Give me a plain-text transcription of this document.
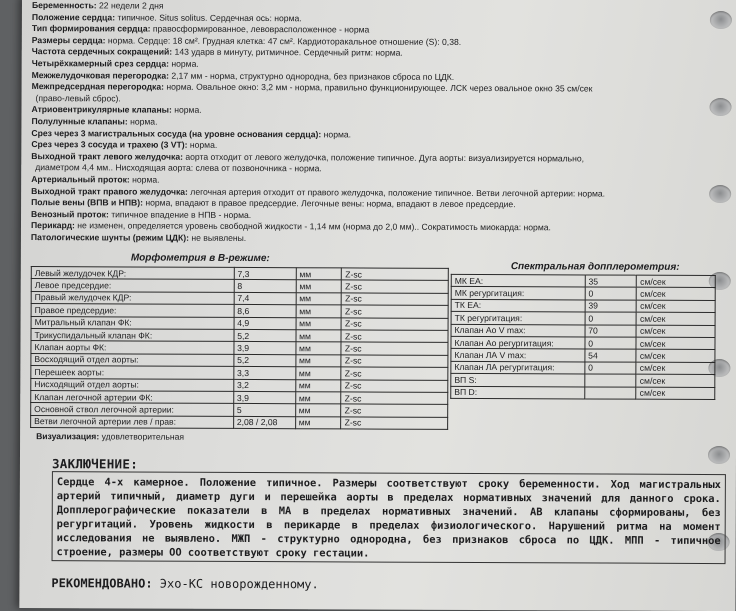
Беременность: 22 недели 2 дня
Положение сердца: типичное. Situs solitus. Сердечная ось: норма.
Тип формирования сердца: правосформированное, левоврасположенное - норма
Размеры сердца: норма. Сердце: 18 см². Грудная клетка: 47 см². Кардиоторакальное отношение (S): 0,38.
Частота сердечных сокращений: 143 ударв в минуту, ритмичное. Сердечный ритм: норма.
Четырёхкамерный срез сердца: норма.
Межжелудочковая перегородка: 2,17 мм - норма, структурно однородна, без признаков сброса по ЦДК.
Межпредсердная перегородка: норма. Овальное окно: 3,2 мм - норма, правильно функционирующее. ЛСК через овальное окно 35 см/сек
(право-левый сброс).
Атриовентрикулярные клапаны: норма.
Полулунные клапаны: норма.
Срез через 3 магистральных сосуда (на уровне основания сердца): норма.
Срез через 3 сосуда и трахею (3 VT): норма.
Выходной тракт левого желудочка: аорта отходит от левого желудочка, положение типичное. Дуга аорты: визуализируется нормально,
диаметром 4,4 мм.. Нисходящая аорта: слева от позвоночника - норма.
Артериальный проток: норма.
Выходной тракт правого желудочка: легочная артерия отходит от правого желудочка, положение типичное. Ветви легочной артерии: норма.
Полые вены (ВПВ и НПВ): норма, впадают в правое предсердие. Легочные вены: норма, впадают в левое предсердие.
Венозный проток: типичное впадение в НПВ - норма.
Перикард: не изменен, определяется уровень свободной жидкости - 1,14 мм (норма до 2,0 мм).. Сократимость миокарда: норма.
Патологические шунты (режим ЦДК): не выявлены.
Морфометрия в В-режиме:
Левый желудочек КДР:	7,3	мм	Z-sc
Левое предсердие:	8	мм	Z-sc
Правый желудочек КДР:	7,4	мм	Z-sc
Правое предсердие:	8,6	мм	Z-sc
Митральный клапан ФК:	4,9	мм	Z-sc
Трикуспидальный клапан ФК:	5,2	мм	Z-sc
Клапан аорты ФК:	3,9	мм	Z-sc
Восходящий отдел аорты:	5,2	мм	Z-sc
Перешеек аорты:	3,3	мм	Z-sc
Нисходящий отдел аорты:	3,2	мм	Z-sc
Клапан легочной артерии ФК:	3,9	мм	Z-sc
Основной ствол легочной артерии:	5	мм	Z-sc
Ветви легочной артерии лев / прав:	2,08 / 2,08	мм	Z-sc
Визуализация: удовлетворительная
Спектральная допплерометрия:
МК ЕА:	35	см/сек
МК регургитация:	0	см/сек
ТК ЕА:	39	см/сек
ТК регургитация:	0	см/сек
Клапан Ао V max:	70	см/сек
Клапан Ао регургитация:	0	см/сек
Клапан ЛА V max:	54	см/сек
Клапан ЛА регургитация:	0	см/сек
ВП S:		см/сек
ВП D:		см/сек
ЗАКЛЮЧЕНИЕ:
Сердце 4-х камерное. Положение типичное. Размеры соответствуют сроку беременности. Ход магистральных артерий типичный, диаметр дуги и перешейка аорты в пределах нормативных значений для данного срока. Допплерографические показатели в МА в пределах нормативных значений. АВ клапаны сформированы, без регургитаций. Уровень жидкости в перикарде в пределах физиологического. Нарушений ритма на момент исследования не выявлено. МЖП - структурно однородна, без признаков сброса по ЦДК. МПП - типичное строение, размеры ОО соответствуют сроку гестации.
РЕКОМЕНДОВАНО: Эхо-КС новорожденному.
